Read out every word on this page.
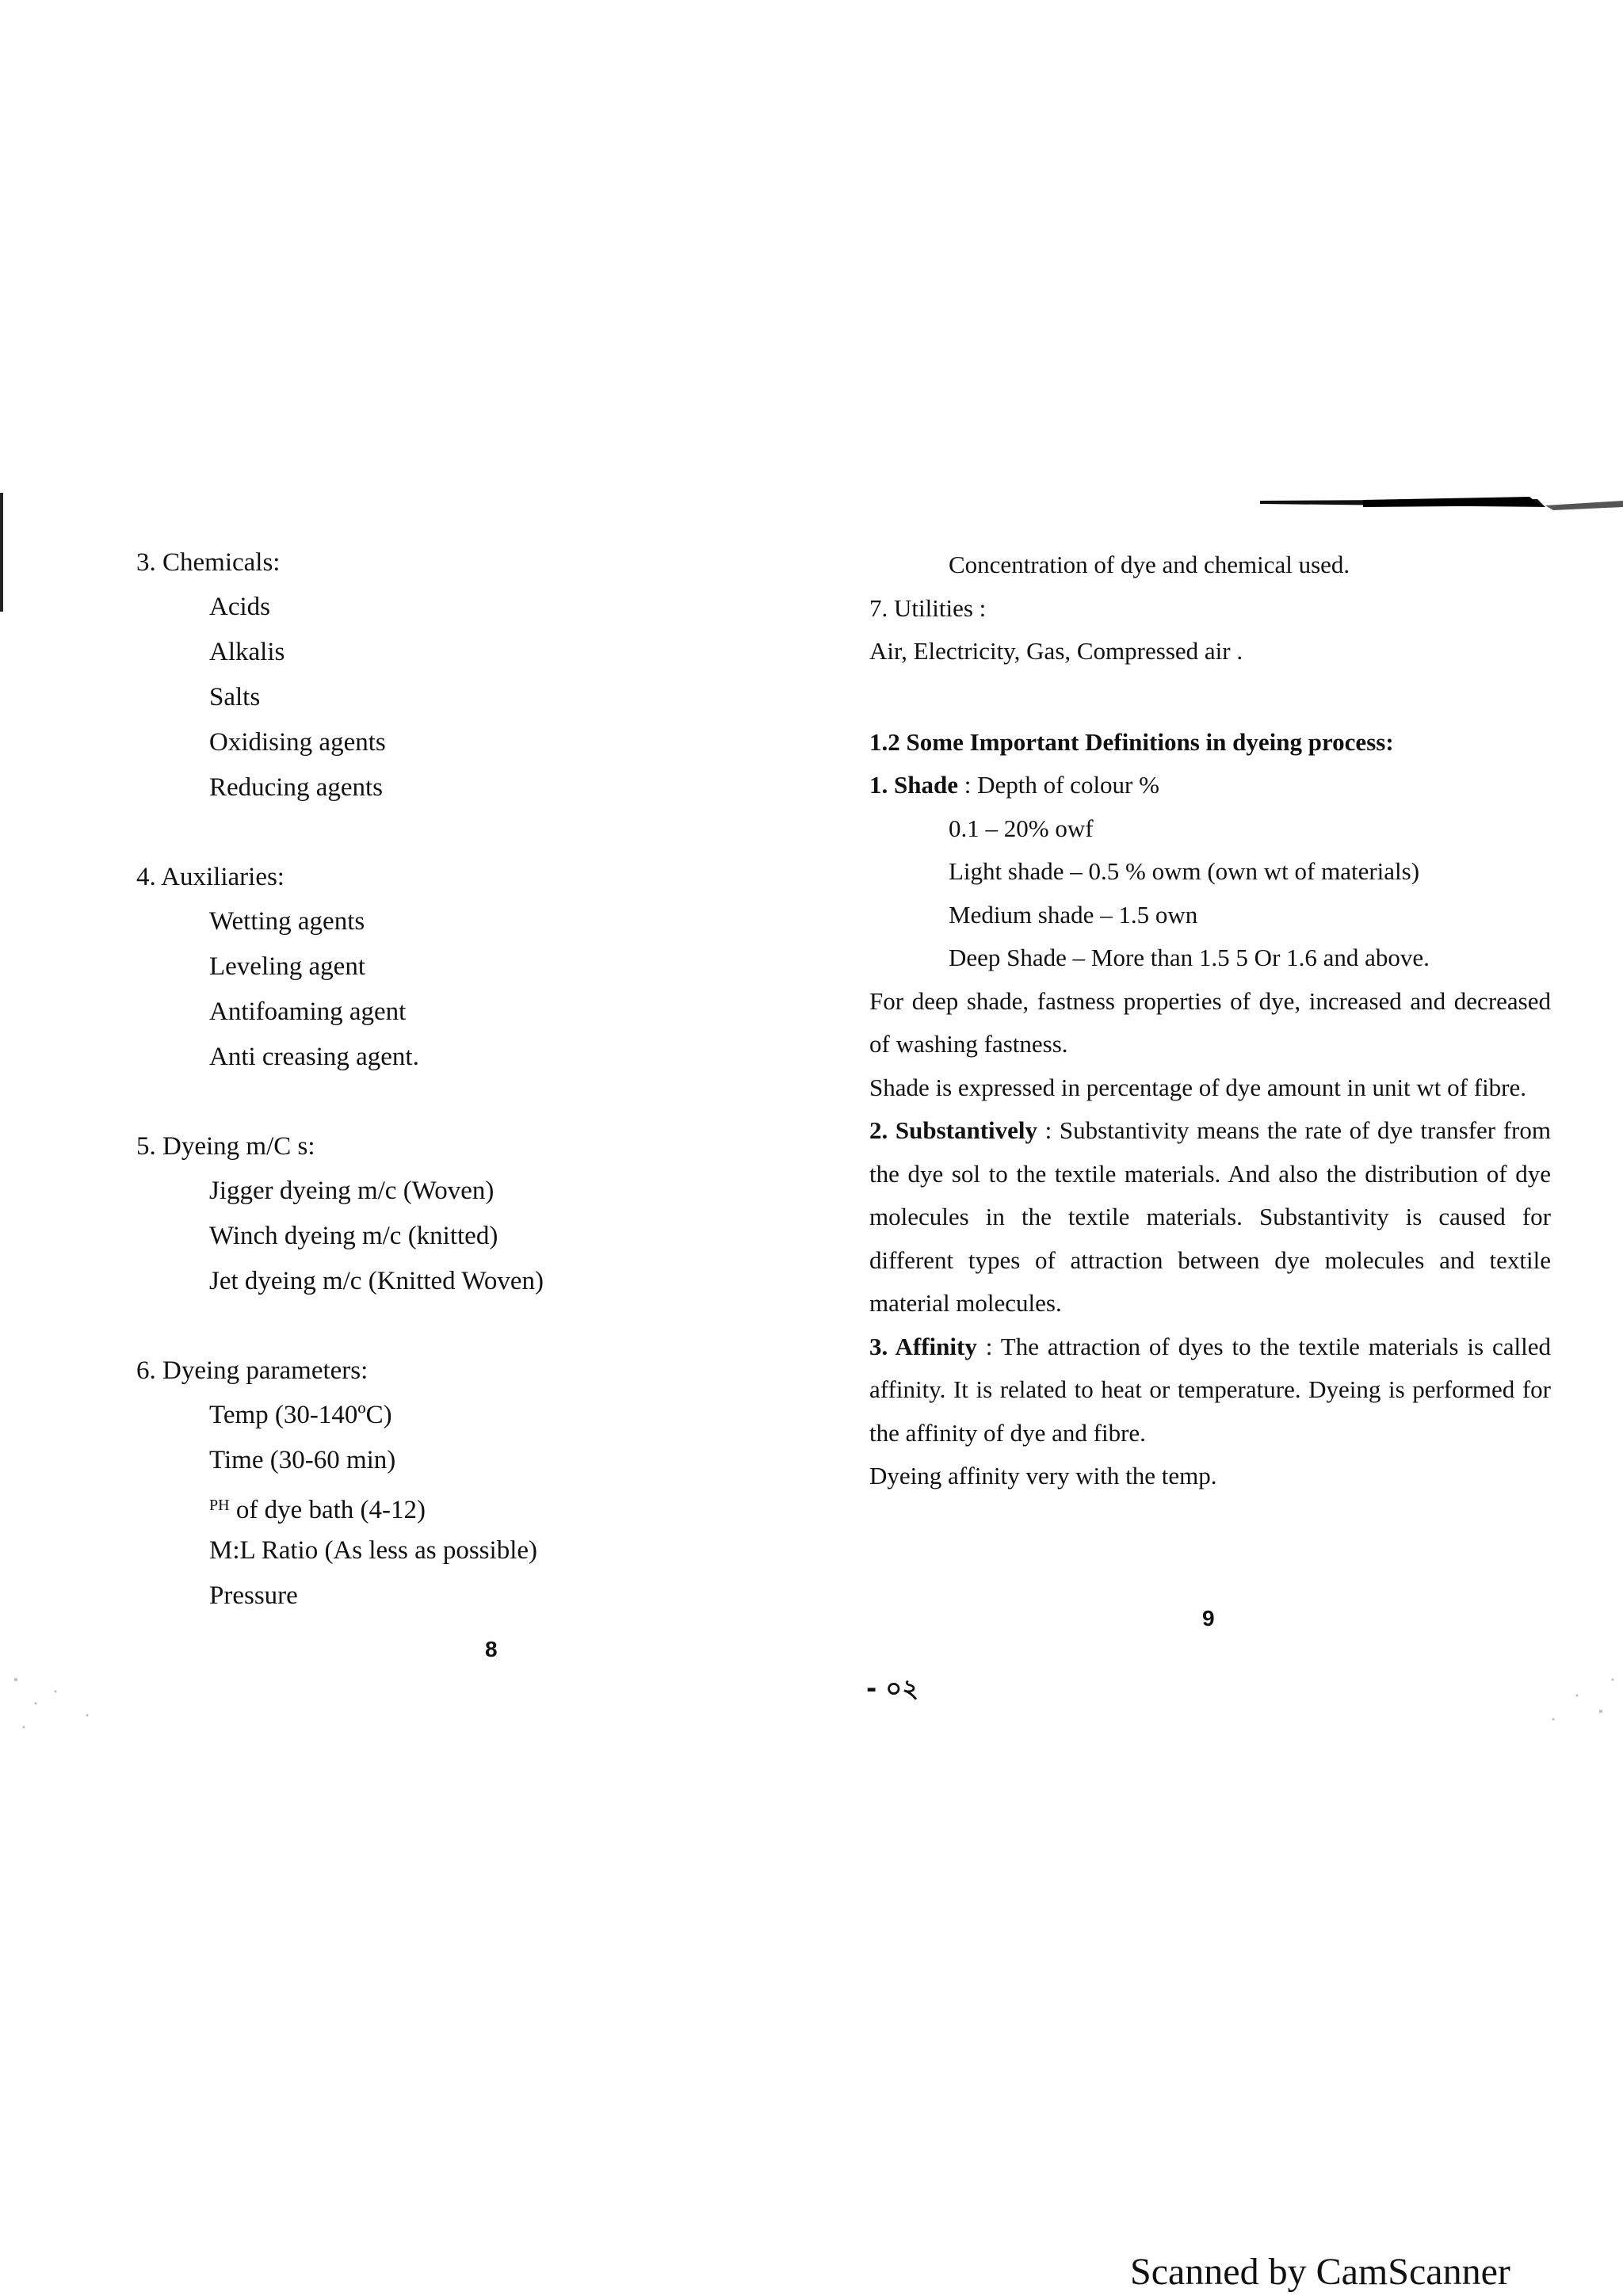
3. Chemicals:
Acids
Alkalis
Salts
Oxidising agents
Reducing agents
4. Auxiliaries:
Wetting agents
Leveling agent
Antifoaming agent
Anti creasing agent.
5. Dyeing m/C s:
Jigger dyeing m/c (Woven)
Winch dyeing m/c (knitted)
Jet dyeing m/c (Knitted Woven)
6. Dyeing parameters:
Temp (30-140ºC)
Time (30-60 min)
$^{PH}$ of dye bath (4-12)
M:L Ratio (As less as possible)
Pressure
8
Concentration of dye and chemical used.
7. Utilities :
Air, Electricity, Gas, Compressed air .
1.2 Some Important Definitions in dyeing process:
1. Shade : Depth of colour %
0.1 – 20% owf
Light shade – 0.5 % owm (own wt of materials)
Medium shade – 1.5 own
Deep Shade – More than 1.5 5 Or 1.6 and above.
For deep shade, fastness properties of dye, increased and decreased of washing fastness.
Shade is expressed in percentage of dye amount in unit wt of fibre.
2. Substantively : Substantivity means the rate of dye transfer from the dye sol to the textile materials. And also the distribution of dye molecules in the textile materials. Substantivity is caused for different types of attraction between dye molecules and textile material molecules.
3. Affinity : The attraction of dyes to the textile materials is called affinity. It is related to heat or temperature. Dyeing is performed for the affinity of dye and fibre.
Dyeing affinity very with the temp.
9
- ০২
Scanned by CamScanner
